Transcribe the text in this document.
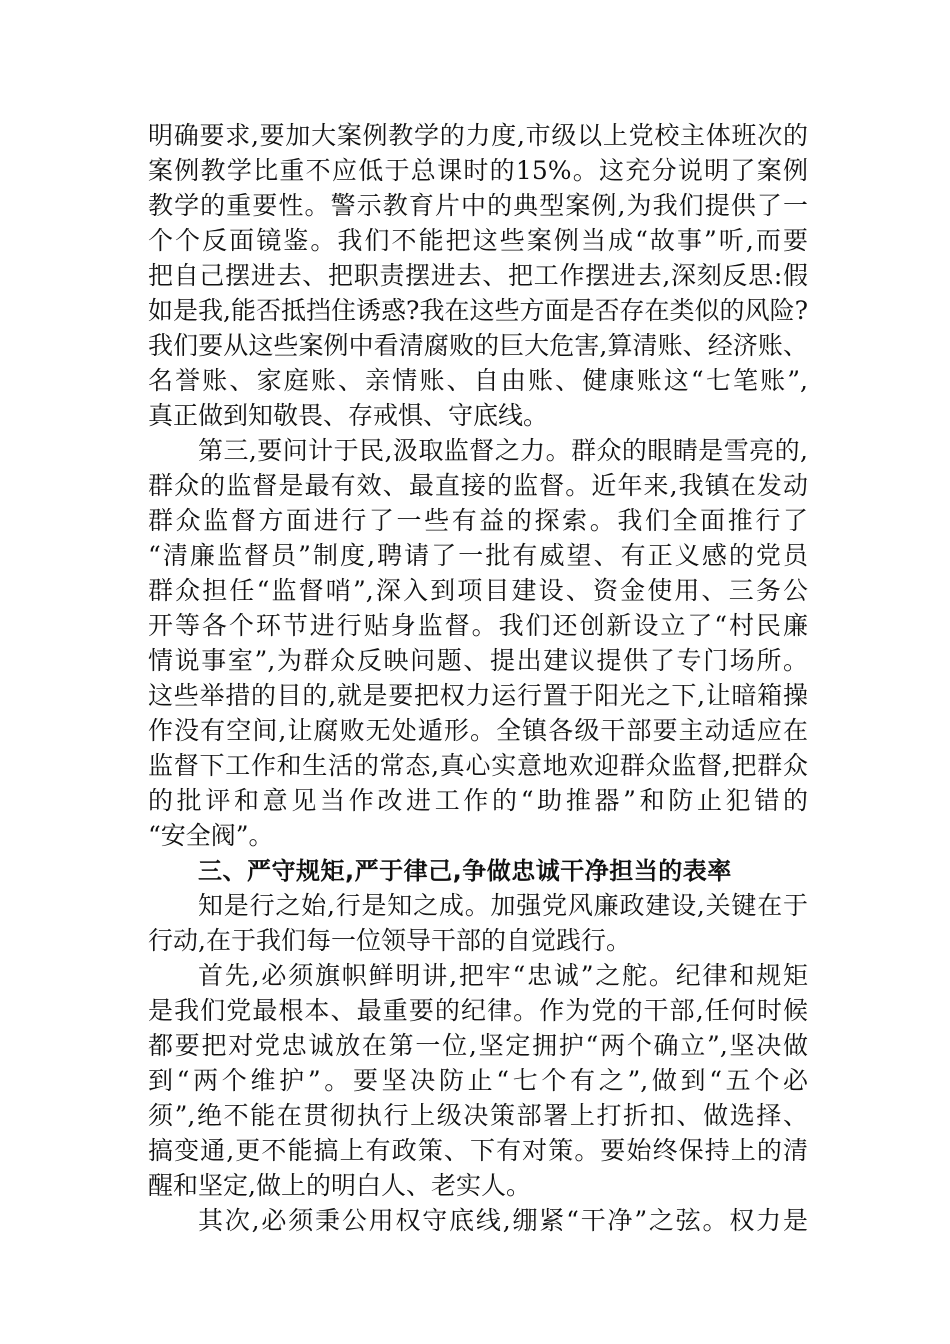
明确要求,要加大案例教学的力度,市级以上党校主体班次的
案例教学比重不应低于总课时的15%。这充分说明了案例
教学的重要性。警示教育片中的典型案例,为我们提供了一
个个反面镜鉴。我们不能把这些案例当成“故事”听,而要
把自己摆进去、把职责摆进去、把工作摆进去,深刻反思:假
如是我,能否抵挡住诱惑?我在这些方面是否存在类似的风险?
我们要从这些案例中看清腐败的巨大危害,算清账、经济账、
名誉账、家庭账、亲情账、自由账、健康账这“七笔账”,
真正做到知敬畏、存戒惧、守底线。
第三,要问计于民,汲取监督之力。群众的眼睛是雪亮的,
群众的监督是最有效、最直接的监督。近年来,我镇在发动
群众监督方面进行了一些有益的探索。我们全面推行了
“清廉监督员”制度,聘请了一批有威望、有正义感的党员
群众担任“监督哨”,深入到项目建设、资金使用、三务公
开等各个环节进行贴身监督。我们还创新设立了“村民廉
情说事室”,为群众反映问题、提出建议提供了专门场所。
这些举措的目的,就是要把权力运行置于阳光之下,让暗箱操
作没有空间,让腐败无处遁形。全镇各级干部要主动适应在
监督下工作和生活的常态,真心实意地欢迎群众监督,把群众
的批评和意见当作改进工作的“助推器”和防止犯错的
“安全阀”。
三、严守规矩,严于律己,争做忠诚干净担当的表率
知是行之始,行是知之成。加强党风廉政建设,关键在于
行动,在于我们每一位领导干部的自觉践行。
首先,必须旗帜鲜明讲,把牢“忠诚”之舵。纪律和规矩
是我们党最根本、最重要的纪律。作为党的干部,任何时候
都要把对党忠诚放在第一位,坚定拥护“两个确立”,坚决做
到“两个维护”。要坚决防止“七个有之”,做到“五个必
须”,绝不能在贯彻执行上级决策部署上打折扣、做选择、
搞变通,更不能搞上有政策、下有对策。要始终保持上的清
醒和坚定,做上的明白人、老实人。
其次,必须秉公用权守底线,绷紧“干净”之弦。权力是
